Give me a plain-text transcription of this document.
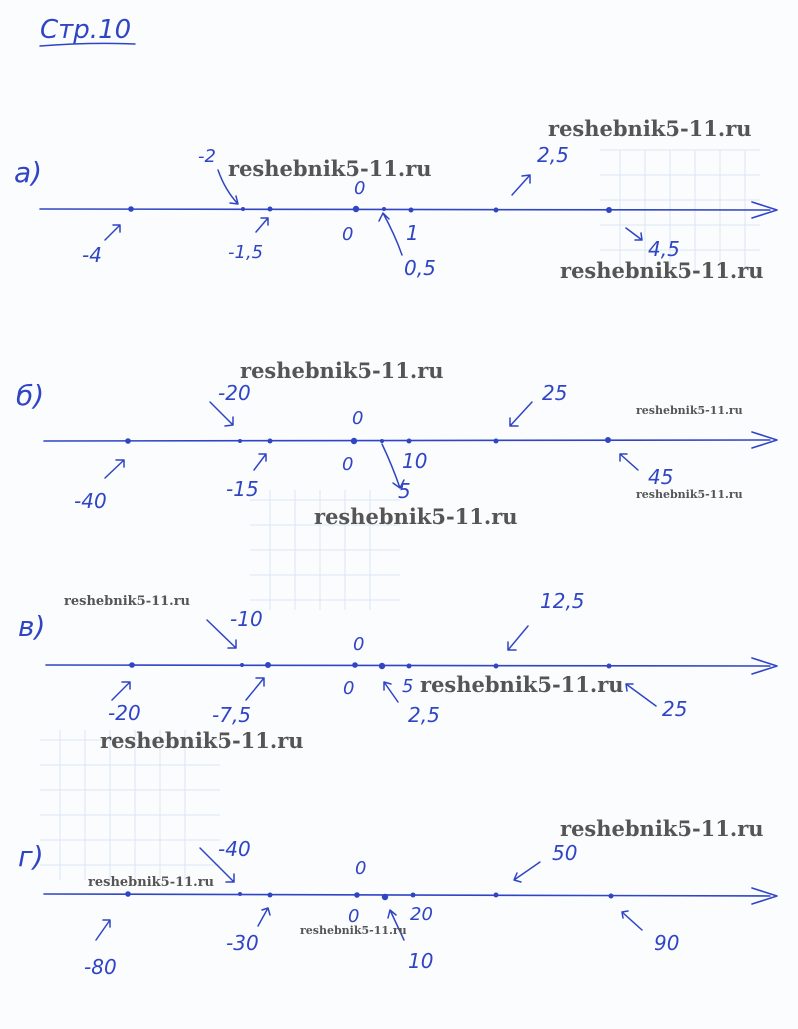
Стр.10
а)
-4
-2
-1,5
0
0
0,5
1
2,5
4,5
б)
-40
-20
-15
0
0
5
10
25
45
в)
-20
-10
-7,5
0
0
2,5
5
12,5
25
г)
-80
-40
-30
0
0
10
20
50
90
reshebnik5-11.ru
reshebnik5-11.ru
reshebnik5-11.ru
reshebnik5-11.ru
reshebnik5-11.ru
reshebnik5-11.ru
reshebnik5-11.ru
reshebnik5-11.ru
reshebnik5-11.ru
reshebnik5-11.ru
reshebnik5-11.ru
reshebnik5-11.ru
reshebnik5-11.ru
